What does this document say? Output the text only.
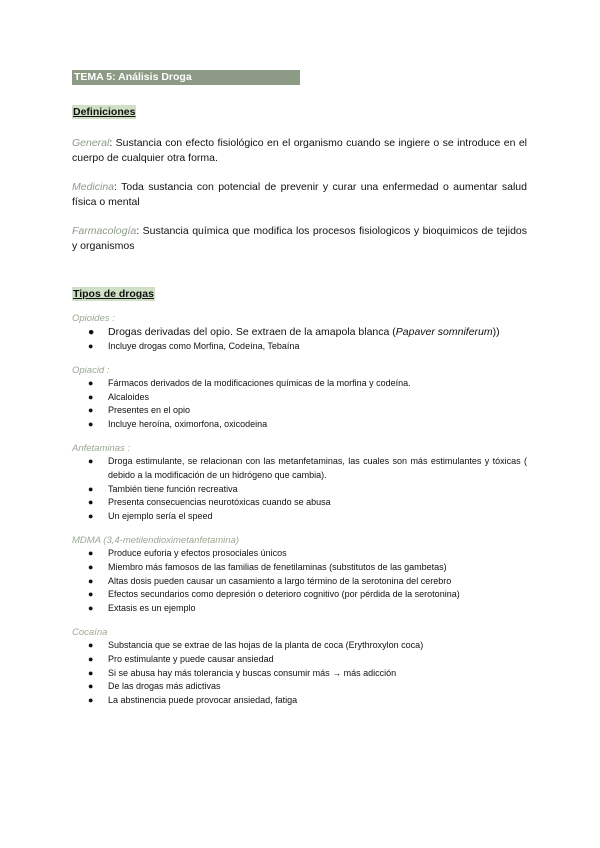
TEMA 5: Análisis Droga
Definiciones

General: Sustancia con efecto fisiológico en el organismo cuando se ingiere o se introduce en el cuerpo de cualquier otra forma.

Medicina: Toda sustancia con potencial de prevenir y curar una enfermedad o aumentar salud física o mental

Farmacología: Sustancia química que modifica los procesos fisiologicos y bioquimicos de tejidos y organismos

Tipos de drogas

Opioides :

● Drogas derivadas del opio. Se extraen de la amapola blanca (Papaver somniferum))
● Incluye drogas como Morfina, Codeína, Tebaína

Opiacid :

● Fármacos derivados de la modificaciones químicas de la morfina y codeína.
● Alcaloides
● Presentes en el opio
● Incluye heroína, oximorfona, oxicodeina

Anfetaminas :

● Droga estimulante, se relacionan con las metanfetaminas, las cuales son más estimulantes y tóxicas ( debido a la modificación de un hidrógeno que cambia).
● También tiene función recreativa
● Presenta consecuencias neurotóxicas cuando se abusa
● Un ejemplo sería el speed

MDMA (3,4-metilendioximetanfetamina)

● Produce euforia y efectos prosociales únicos
● Miembro más famosos de las familias de fenetilaminas (substitutos de las gambetas)
● Altas dosis pueden causar un casamiento a largo término de la serotonina del cerebro
● Efectos secundarios como depresión o deterioro cognitivo (por pérdida de la serotonina)
● Extasis es un ejemplo

Cocaína

● Substancia que se extrae de las hojas de la planta de coca (Erythroxylon coca)
● Pro estimulante y puede causar ansiedad
● Si se abusa hay más tolerancia y buscas consumir más → más adicción
● De las drogas más adictivas
● La abstinencia puede provocar ansiedad, fatiga
